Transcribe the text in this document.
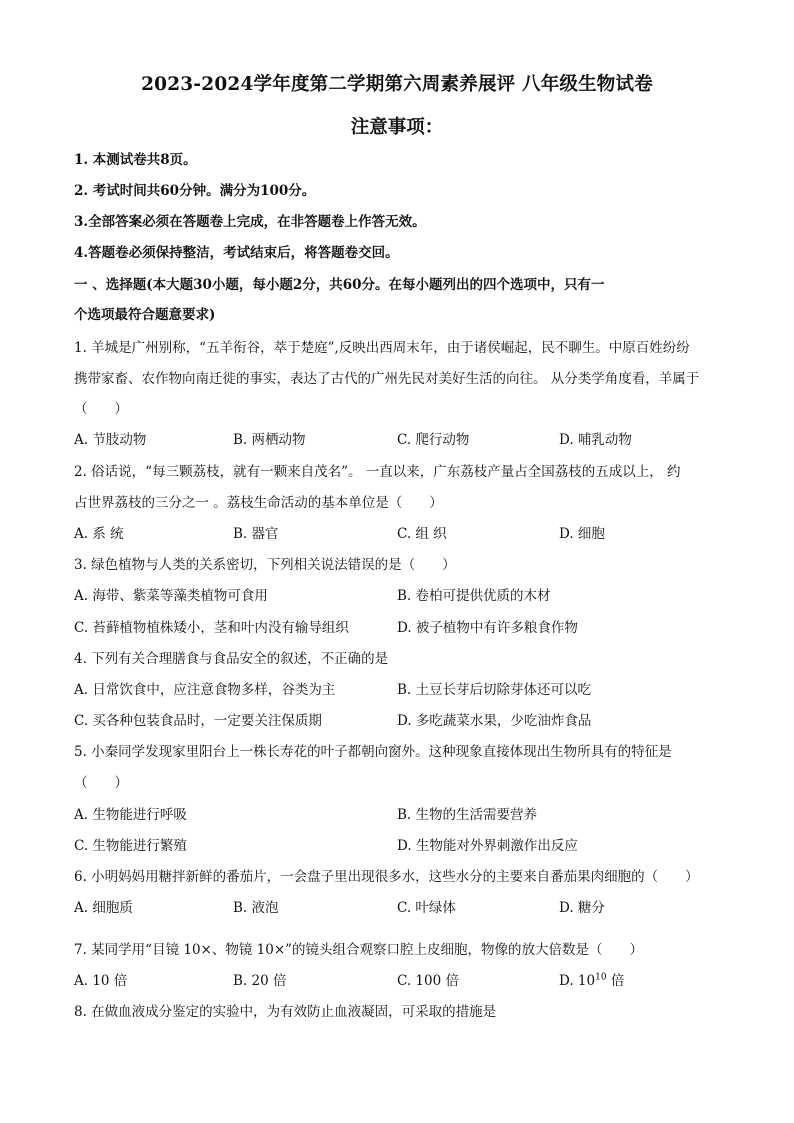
2023-2024学年度第二学期第六周素养展评 八年级生物试卷
注意事项：
1. 本测试卷共8页。
2. 考试时间共60分钟。满分为100分。
3.全部答案必须在答题卷上完成，在非答题卷上作答无效。
4.答题卷必须保持整洁，考试结束后，将答题卷交回。
一 、选择题(本大题30小题，每小题2分，共60分。在每小题列出的四个选项中，只有一
个选项最符合题意要求)
1. 羊城是广州别称，“五羊衔谷，萃于楚庭”,反映出西周末年，由于诸侯崛起，民不聊生。中原百姓纷纷
携带家畜、农作物向南迁徙的事实，表达了古代的广州先民对美好生活的向往。 从分类学角度看，羊属于
（　　）
A. 节肢动物	B. 两栖动物	C. 爬行动物	D. 哺乳动物
2. 俗话说，“每三颗荔枝，就有一颗来自茂名”。 一直以来，广东荔枝产量占全国荔枝的五成以上， 约
占世界荔枝的三分之一 。荔枝生命活动的基本单位是（　　）
A. 系 统	B. 器官	C. 组 织	D. 细胞
3. 绿色植物与人类的关系密切，下列相关说法错误的是（　　）
A. 海带、紫菜等藻类植物可食用	B. 卷柏可提供优质的木材
C. 苔藓植物植株矮小，茎和叶内没有输导组织	D. 被子植物中有许多粮食作物
4. 下列有关合理膳食与食品安全的叙述，不正确的是
A. 日常饮食中，应注意食物多样，谷类为主	B. 土豆长芽后切除芽体还可以吃
C. 买各种包装食品时，一定要关注保质期	D. 多吃蔬菜水果，少吃油炸食品
5. 小秦同学发现家里阳台上一株长寿花的叶子都朝向窗外。这种现象直接体现出生物所具有的特征是
（　　）
A. 生物能进行呼吸	B. 生物的生活需要营养
C. 生物能进行繁殖	D. 生物能对外界刺激作出反应
6. 小明妈妈用糖拌新鲜的番茄片，一会盘子里出现很多水，这些水分的主要来自番茄果肉细胞的（　　）
A. 细胞质	B. 液泡	C. 叶绿体	D. 糖分
7. 某同学用“目镜 10×、物镜 10×”的镜头组合观察口腔上皮细胞，物像的放大倍数是（　　）
A. 10 倍	B. 20 倍	C. 100 倍	D. $10^{10}$ 倍
8. 在做血液成分鉴定的实验中，为有效防止血液凝固，可采取的措施是
